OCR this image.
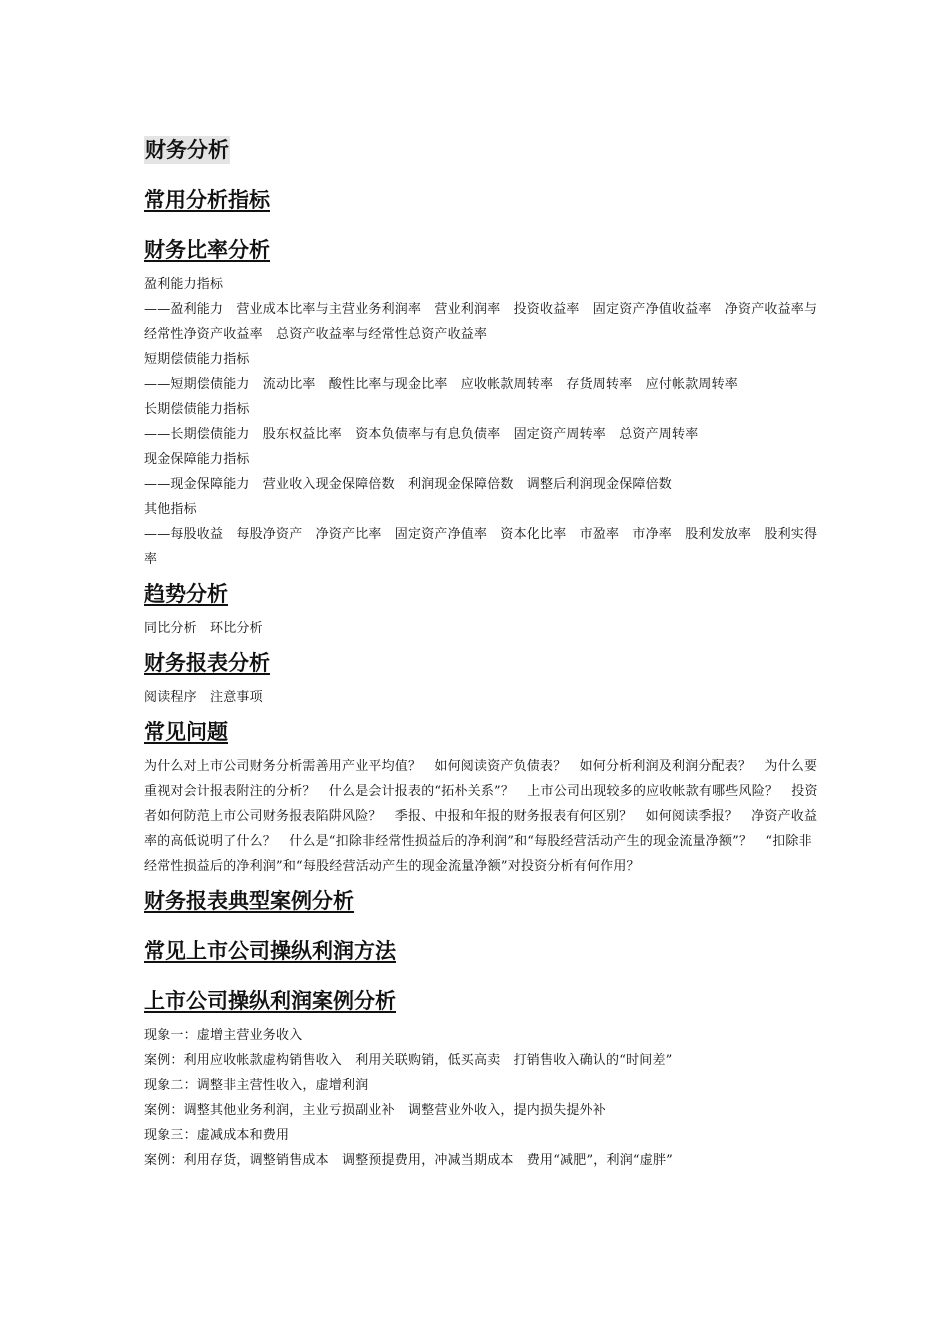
财务分析
常用分析指标
财务比率分析

盈利能力指标

——盈利能力　营业成本比率与主营业务利润率　营业利润率　投资收益率　固定资产净值收益率　净资产收益率与经常性净资产收益率　总资产收益率与经常性总资产收益率

短期偿债能力指标

——短期偿债能力　流动比率　酸性比率与现金比率　应收帐款周转率　存货周转率　应付帐款周转率

长期偿债能力指标

——长期偿债能力　股东权益比率　资本负债率与有息负债率　固定资产周转率　总资产周转率

现金保障能力指标

——现金保障能力　营业收入现金保障倍数　利润现金保障倍数　调整后利润现金保障倍数

其他指标

——每股收益　每股净资产　净资产比率　固定资产净值率　资本化比率　市盈率　市净率　股利发放率　股利实得率

趋势分析

同比分析　环比分析

财务报表分析

阅读程序　注意事项

常见问题

为什么对上市公司财务分析需善用产业平均值？　如何阅读资产负债表？　如何分析利润及利润分配表？　为什么要重视对会计报表附注的分析？　什么是会计报表的“拓朴关系”？　上市公司出现较多的应收帐款有哪些风险？　投资者如何防范上市公司财务报表陷阱风险？　季报、中报和年报的财务报表有何区别？　如何阅读季报？　净资产收益率的高低说明了什么？　什么是“扣除非经常性损益后的净利润”和“每股经营活动产生的现金流量净额”？　“扣除非经常性损益后的净利润”和“每股经营活动产生的现金流量净额”对投资分析有何作用？

财务报表典型案例分析
常见上市公司操纵利润方法
上市公司操纵利润案例分析

现象一：虚增主营业务收入

案例：利用应收帐款虚构销售收入　利用关联购销，低买高卖　打销售收入确认的“时间差”

现象二：调整非主营性收入，虚增利润

案例：调整其他业务利润，主业亏损副业补　调整营业外收入，提内损失提外补

现象三：虚减成本和费用

案例：利用存货，调整销售成本　调整预提费用，冲减当期成本　费用“减肥”，利润“虚胖”
